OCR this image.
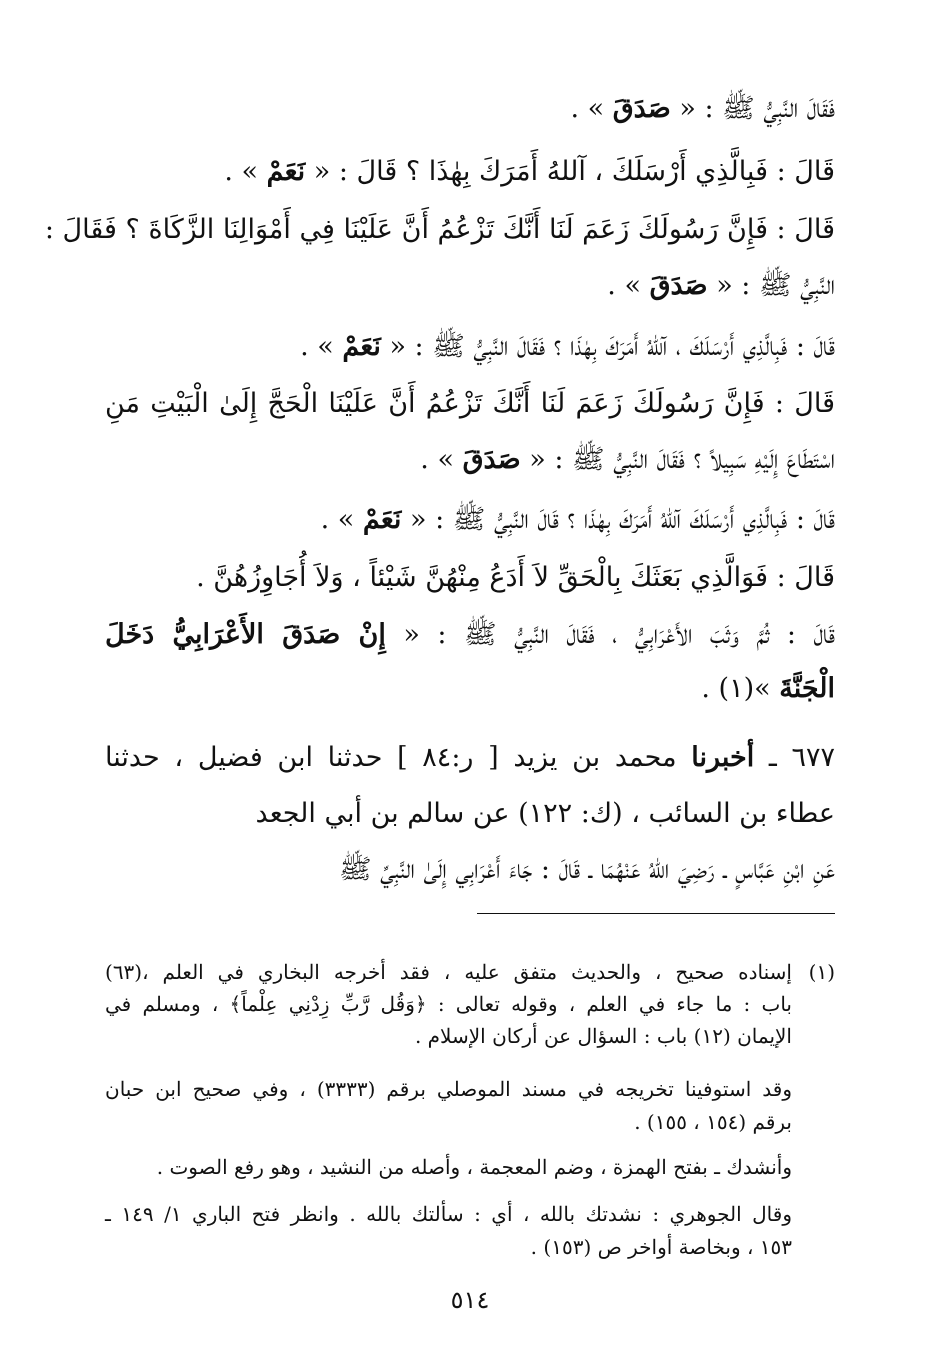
فَقَالَ النَّبِيُّ ﷺ : « صَدَقَ » .
قَالَ : فَبِالَّذِي أَرْسَلَكَ ، آللهُ أَمَرَكَ بِهٰذَا ؟ قَالَ : « نَعَمْ » .
قَالَ : فَإِنَّ رَسُولَكَ زَعَمَ لَنَا أَنَّكَ تَزْعُمُ أَنَّ عَلَيْنَا فِي أَمْوَالِنَا الزَّكَاةَ ؟ فَقَالَ :
النَّبِيُّ ﷺ : « صَدَقَ » .
قَالَ : فَبِالَّذِي أَرْسَلَكَ ، آللهُ أَمَرَكَ بِهٰذَا ؟ فَقَالَ النَّبِيُّ ﷺ : « نَعَمْ » .
قَالَ : فَإِنَّ رَسُولَكَ زَعَمَ لَنَا أَنَّكَ تَزْعُمُ أَنَّ عَلَيْنَا الْحَجَّ إِلَىٰ الْبَيْتِ مَنِ
اسْتَطَاعَ إِلَيْهِ سَبِيلاً ؟ فَقَالَ النَّبِيُّ ﷺ : « صَدَقَ » .
قَالَ : فَبِالَّذِي أَرْسَلَكَ آللهُ أَمَرَكَ بِهٰذَا ؟ قَالَ النَّبِيُّ ﷺ : « نَعَمْ » .
قَالَ : فَوَالَّذِي بَعَثَكَ بِالْحَقِّ لاَ أَدَعُ مِنْهُنَّ شَيْئاً ، وَلاَ أُجَاوِزُهُنَّ .
قَالَ : ثُمَّ وَثَبَ الأَعْرَابِيُّ ، فَقَالَ النَّبِيُّ ﷺ : « إِنْ صَدَقَ الأَعْرَابِيُّ دَخَلَ
الْجَنَّةَ »(١) .
٦٧٧ ـ أخبرنا محمد بن يزيد [ ر:٨٤ ] حدثنا ابن فضيل ، حدثنا
عطاء بن السائب ، (ك: ١٢٢) عن سالم بن أبي الجعد
عَنِ ابْنِ عَبَّاسٍ ـ رَضِيَ اللهُ عَنْهُمَا ـ قَالَ : جَاءَ أَعْرَابِي إِلَىٰ النَّبِيِّ ﷺ
(١)
إسناده صحيح ، والحديث متفق عليه ، فقد أخرجه البخاري في العلم ،(٦٣)
باب : ما جاء في العلم ، وقوله تعالى : ﴿وَقُل رَّبِّ زِدْنِي عِلْماً﴾ ، ومسلم في
الإيمان (١٢) باب : السؤال عن أركان الإسلام .
وقد استوفينا تخريجه في مسند الموصلي برقم (٣٣٣٣) ، وفي صحيح ابن حبان
برقم (١٥٤ ، ١٥٥) .
وأنشدك ـ بفتح الهمزة ، وضم المعجمة ، وأصله من النشيد ، وهو رفع الصوت .
وقال الجوهري : نشدتك بالله ، أي : سألتك بالله . وانظر فتح الباري ١/ ١٤٩ ـ
١٥٣ ، وبخاصة أواخر ص (١٥٣) .
٥١٤
